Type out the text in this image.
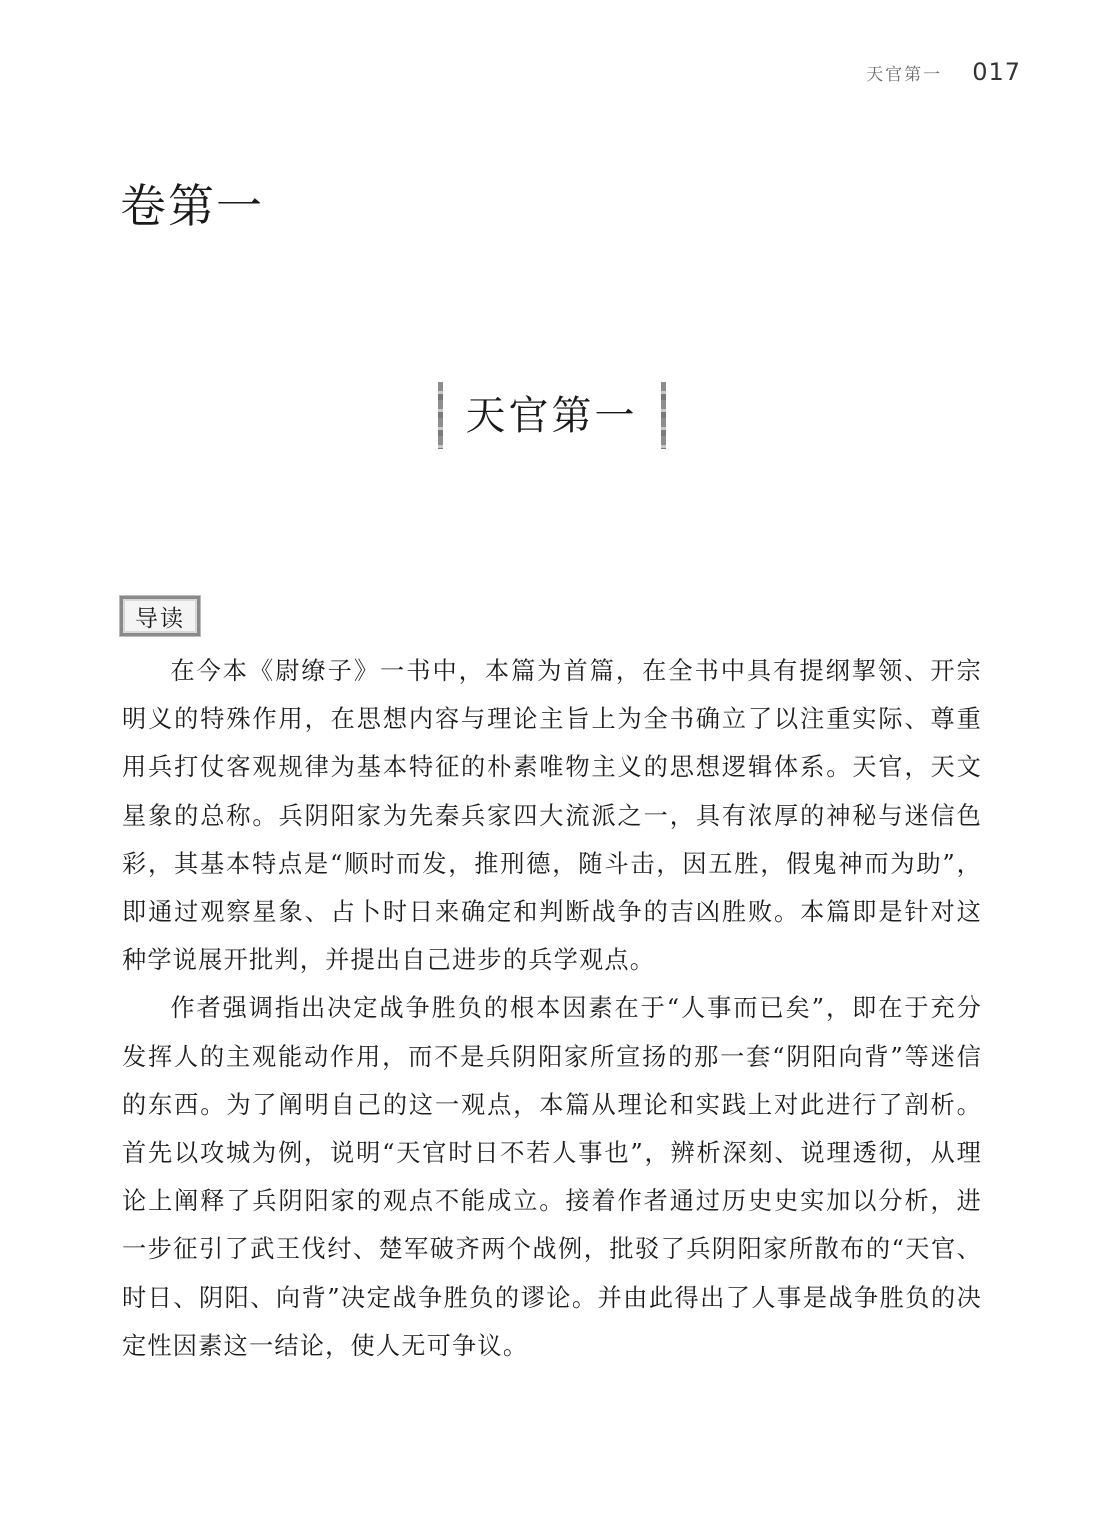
天官第一 017
卷第一
天官第一
导读

在今本《尉缭子》一书中，本篇为首篇，在全书中具有提纲挈领、开宗明义的特殊作用，在思想内容与理论主旨上为全书确立了以注重实际、尊重用兵打仗客观规律为基本特征的朴素唯物主义的思想逻辑体系。天官，天文星象的总称。兵阴阳家为先秦兵家四大流派之一，具有浓厚的神秘与迷信色彩，其基本特点是“顺时而发，推刑德，随斗击，因五胜，假鬼神而为助”，即通过观察星象、占卜时日来确定和判断战争的吉凶胜败。本篇即是针对这种学说展开批判，并提出自己进步的兵学观点。

作者强调指出决定战争胜负的根本因素在于“人事而已矣”，即在于充分发挥人的主观能动作用，而不是兵阴阳家所宣扬的那一套“阴阳向背”等迷信的东西。为了阐明自己的这一观点，本篇从理论和实践上对此进行了剖析。首先以攻城为例，说明“天官时日不若人事也”，辨析深刻、说理透彻，从理论上阐释了兵阴阳家的观点不能成立。接着作者通过历史史实加以分析，进一步征引了武王伐纣、楚军破齐两个战例，批驳了兵阴阳家所散布的“天官、时日、阴阳、向背”决定战争胜负的谬论。并由此得出了人事是战争胜负的决定性因素这一结论，使人无可争议。
